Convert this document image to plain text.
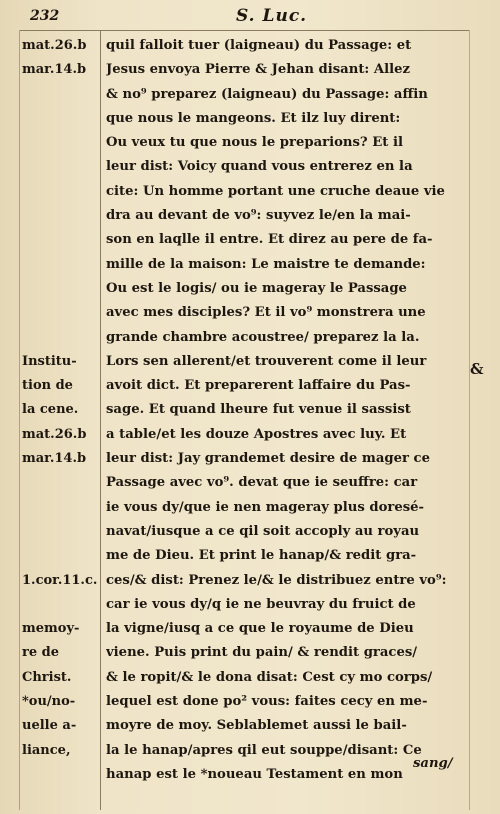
232	S. Luc.
mat.26.b
mar.14.b
Institu-
tion de
la cene.
mat.26.b
mar.14.b
1.cor.11.c.
memoy-
re de
Christ.
*ou/no-
uelle a-
liance,
quil falloit tuer (laigneau) du Passage: et
Jesus envoya Pierre & Jehan disant: Allez
& no⁹ preparez (laigneau) du Passage: affin
que nous le mangeons. Et ilz luy dirent:
Ou veux tu que nous le preparions? Et il
leur dist: Voicy quand vous entrerez en la
cite: Un homme portant une cruche deaue vie
dra au devant de vo⁹: suyvez le/en la mai-
son en laqlle il entre. Et direz au pere de fa-
mille de la maison: Le maistre te demande:
Ou est le logis/ ou ie mageray le Passage
avec mes disciples? Et il vo⁹ monstrera une
grande chambre acoustree/ preparez la la.
Lors sen allerent/et trouverent come il leur
avoit dict. Et preparerent laffaire du Pas-
sage. Et quand lheure fut venue il sassist
a table/et les douze Apostres avec luy. Et
leur dist: Jay grandemet desire de mager ce
Passage avec vo⁹. devat que ie seuffre: car
ie vous dy/que ie nen mageray plus doresé-
navat/iusque a ce qil soit accoply au royau
me de Dieu. Et print le hanap/& redit gra-
ces/& dist: Prenez le/& le distribuez entre vo⁹:
car ie vous dy/q ie ne beuvray du fruict de
la vigne/iusq a ce que le royaume de Dieu
viene. Puis print du pain/ & rendit graces/
& le ropit/& le dona disat: Cest cy mo corps/
lequel est done po² vous: faites cecy en me-
moyre de moy. Seblablemet aussi le bail-
la le hanap/apres qil eut souppe/disant: Ce
hanap est le *noueau Testament en mon
&
sang/
